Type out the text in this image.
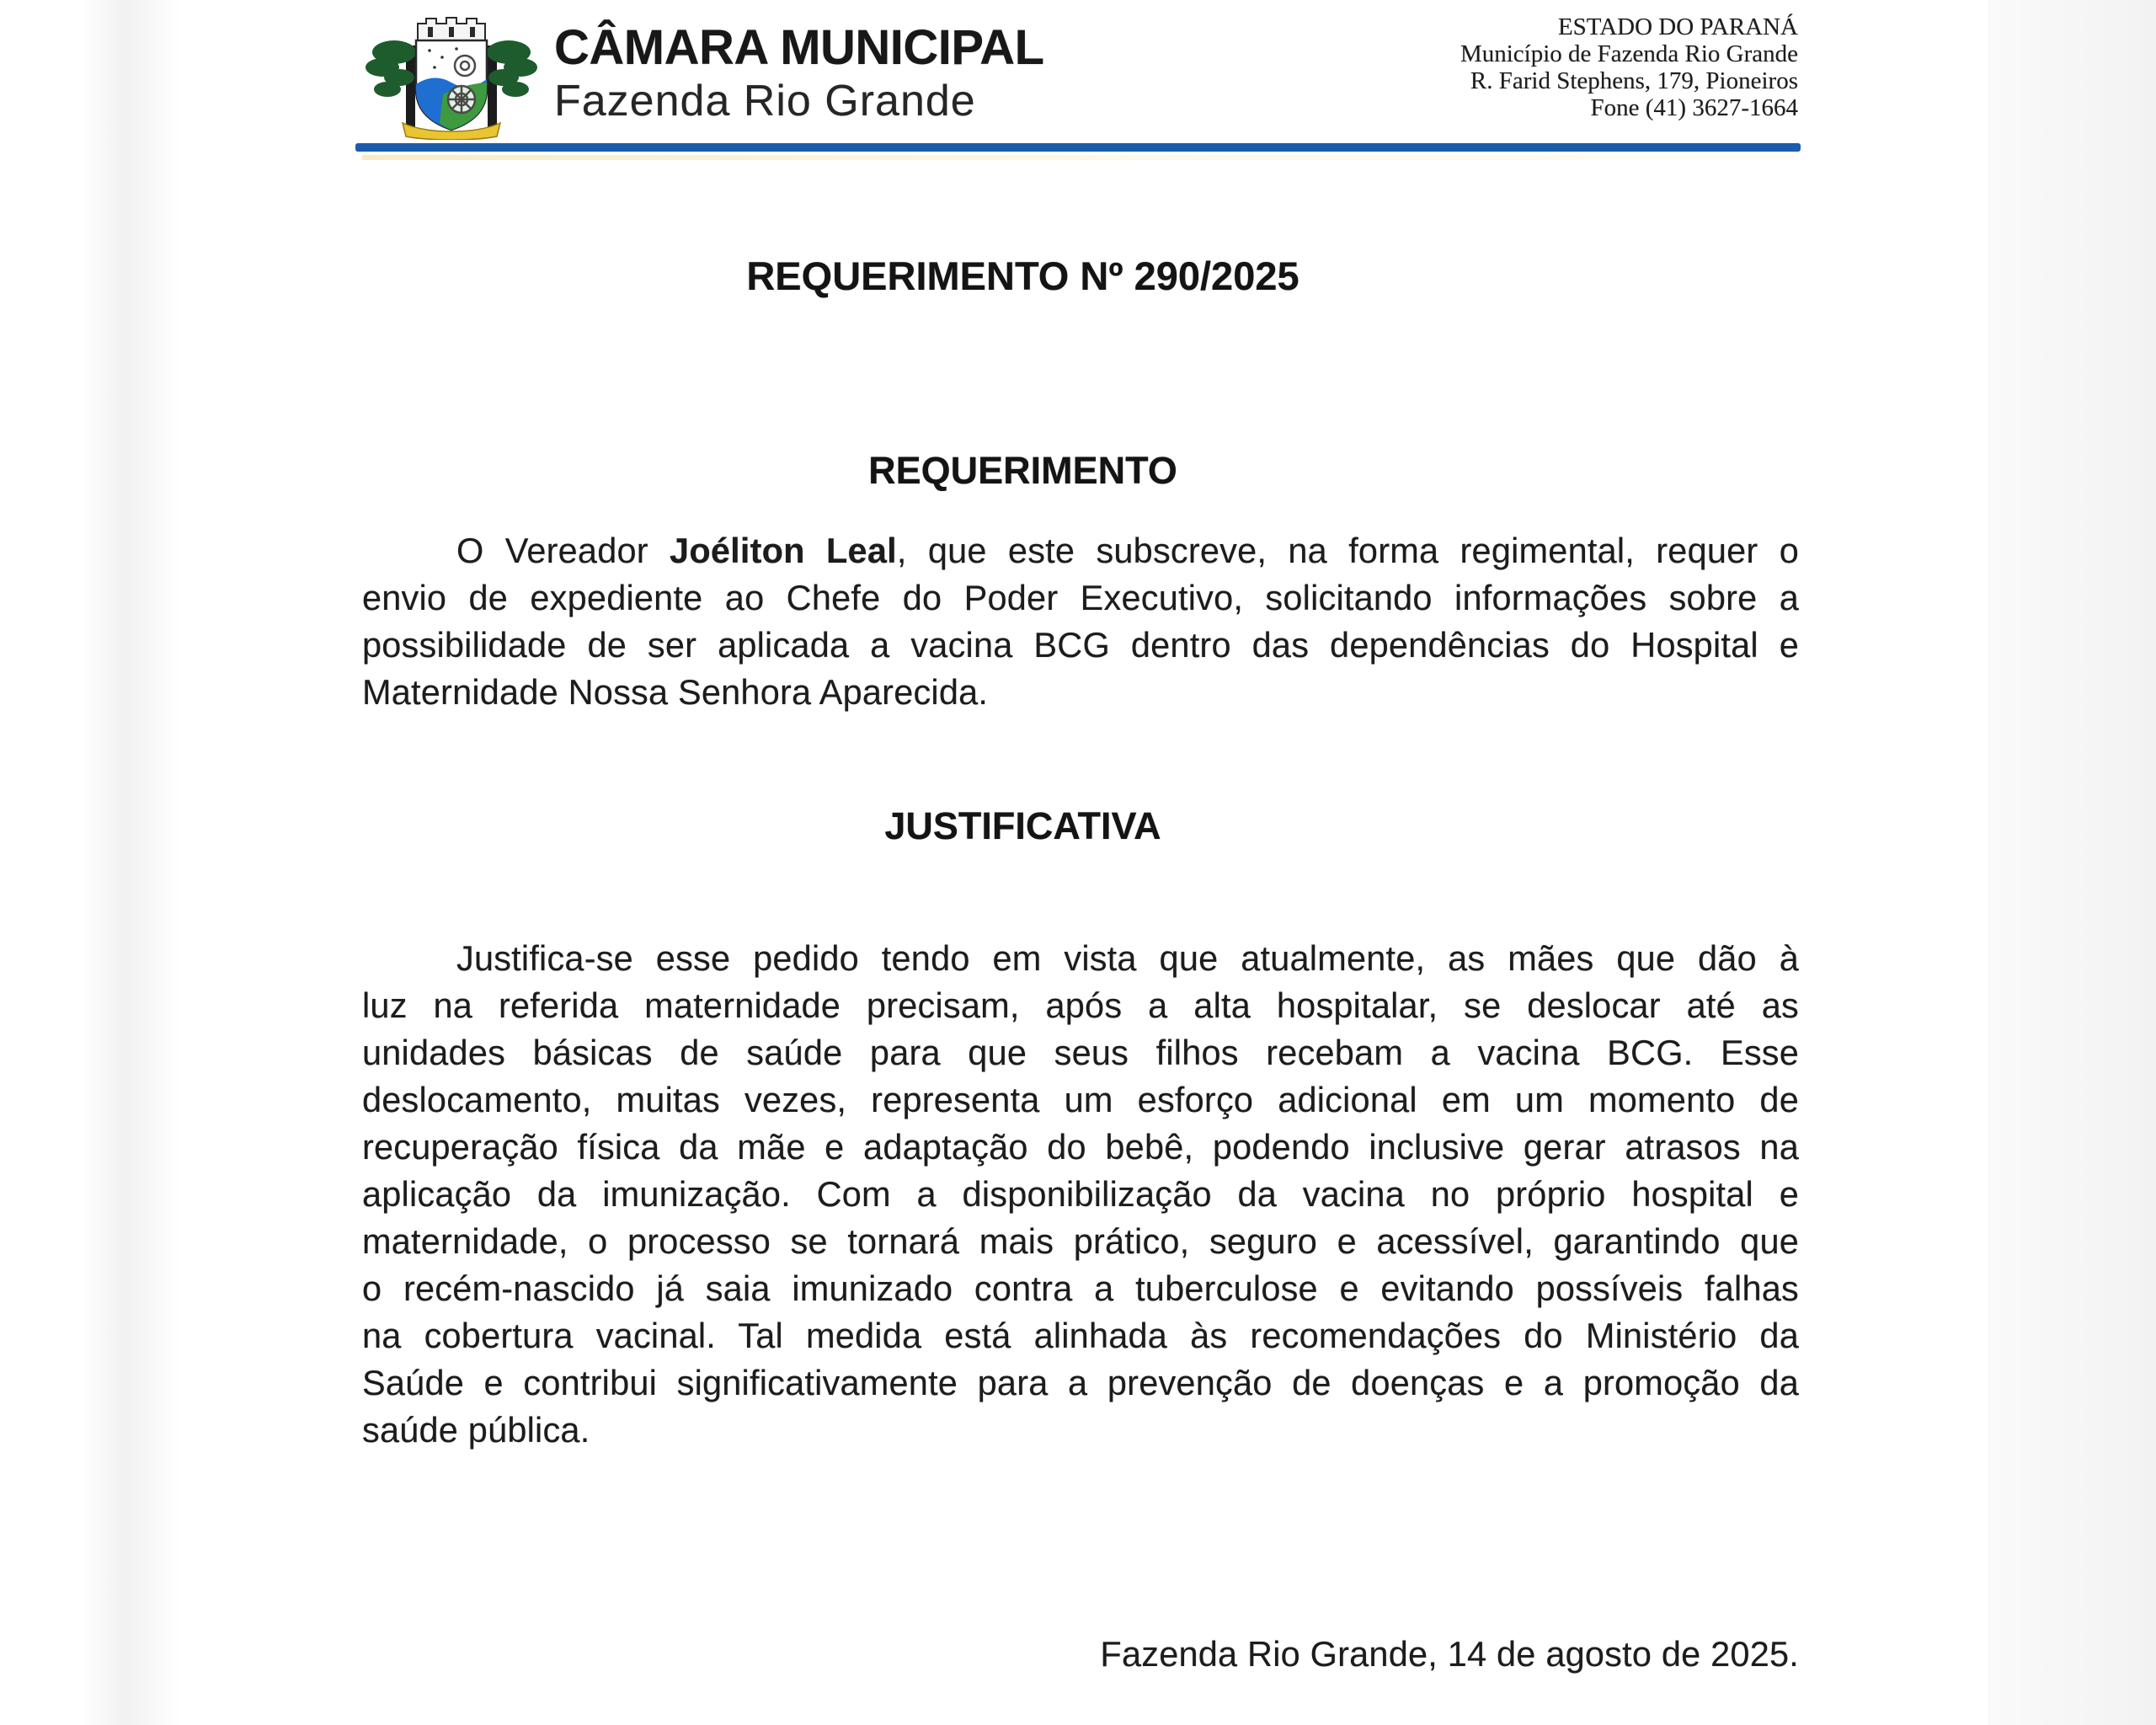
CÂMARA MUNICIPAL
Fazenda Rio Grande
ESTADO DO PARANÁ
Município de Fazenda Rio Grande
R. Farid Stephens, 179, Pioneiros
Fone (41) 3627-1664
REQUERIMENTO Nº 290/2025
REQUERIMENTO
O Vereador Joéliton Leal, que este subscreve, na forma regimental, requer o
envio de expediente ao Chefe do Poder Executivo, solicitando informações sobre a
possibilidade de ser aplicada a vacina BCG dentro das dependências do Hospital e
Maternidade Nossa Senhora Aparecida.
JUSTIFICATIVA
Justifica-se esse pedido tendo em vista que atualmente, as mães que dão à
luz na referida maternidade precisam, após a alta hospitalar, se deslocar até as
unidades básicas de saúde para que seus filhos recebam a vacina BCG. Esse
deslocamento, muitas vezes, representa um esforço adicional em um momento de
recuperação física da mãe e adaptação do bebê, podendo inclusive gerar atrasos na
aplicação da imunização. Com a disponibilização da vacina no próprio hospital e
maternidade, o processo se tornará mais prático, seguro e acessível, garantindo que
o recém-nascido já saia imunizado contra a tuberculose e evitando possíveis falhas
na cobertura vacinal. Tal medida está alinhada às recomendações do Ministério da
Saúde e contribui significativamente para a prevenção de doenças e a promoção da
saúde pública.
Fazenda Rio Grande, 14 de agosto de 2025.
